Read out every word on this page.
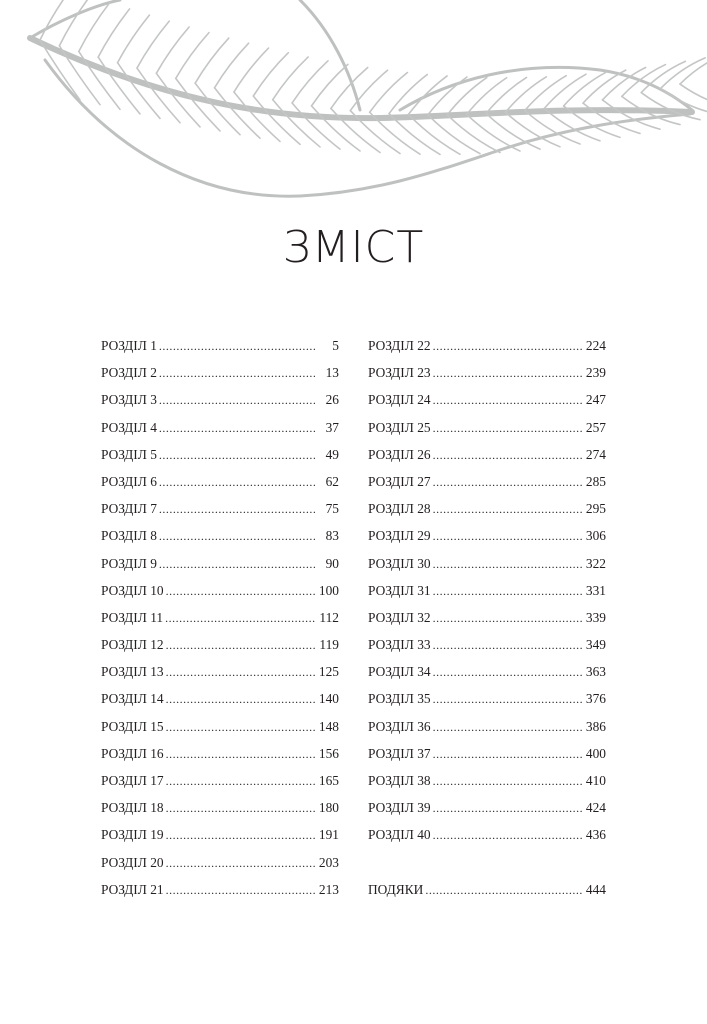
ЗМІСТ
РОЗДІЛ 1 .....	5
РОЗДІЛ 2 .....	13
РОЗДІЛ 3 .....	26
РОЗДІЛ 4 .....	37
РОЗДІЛ 5 .....	49
РОЗДІЛ 6 .....	62
РОЗДІЛ 7 .....	75
РОЗДІЛ 8 .....	83
РОЗДІЛ 9 .....	90
РОЗДІЛ 10 .....	100
РОЗДІЛ 11 .....	112
РОЗДІЛ 12 .....	119
РОЗДІЛ 13 .....	125
РОЗДІЛ 14 .....	140
РОЗДІЛ 15 .....	148
РОЗДІЛ 16 .....	156
РОЗДІЛ 17 .....	165
РОЗДІЛ 18 .....	180
РОЗДІЛ 19 .....	191
РОЗДІЛ 20 .....	203
РОЗДІЛ 21 .....	213
РОЗДІЛ 22 .....	224
РОЗДІЛ 23 .....	239
РОЗДІЛ 24 .....	247
РОЗДІЛ 25 .....	257
РОЗДІЛ 26 .....	274
РОЗДІЛ 27 .....	285
РОЗДІЛ 28 .....	295
РОЗДІЛ 29 .....	306
РОЗДІЛ 30 .....	322
РОЗДІЛ 31 .....	331
РОЗДІЛ 32 .....	339
РОЗДІЛ 33 .....	349
РОЗДІЛ 34 .....	363
РОЗДІЛ 35 .....	376
РОЗДІЛ 36 .....	386
РОЗДІЛ 37 .....	400
РОЗДІЛ 38 .....	410
РОЗДІЛ 39 .....	424
РОЗДІЛ 40 .....	436
ПОДЯКИ .....	444
